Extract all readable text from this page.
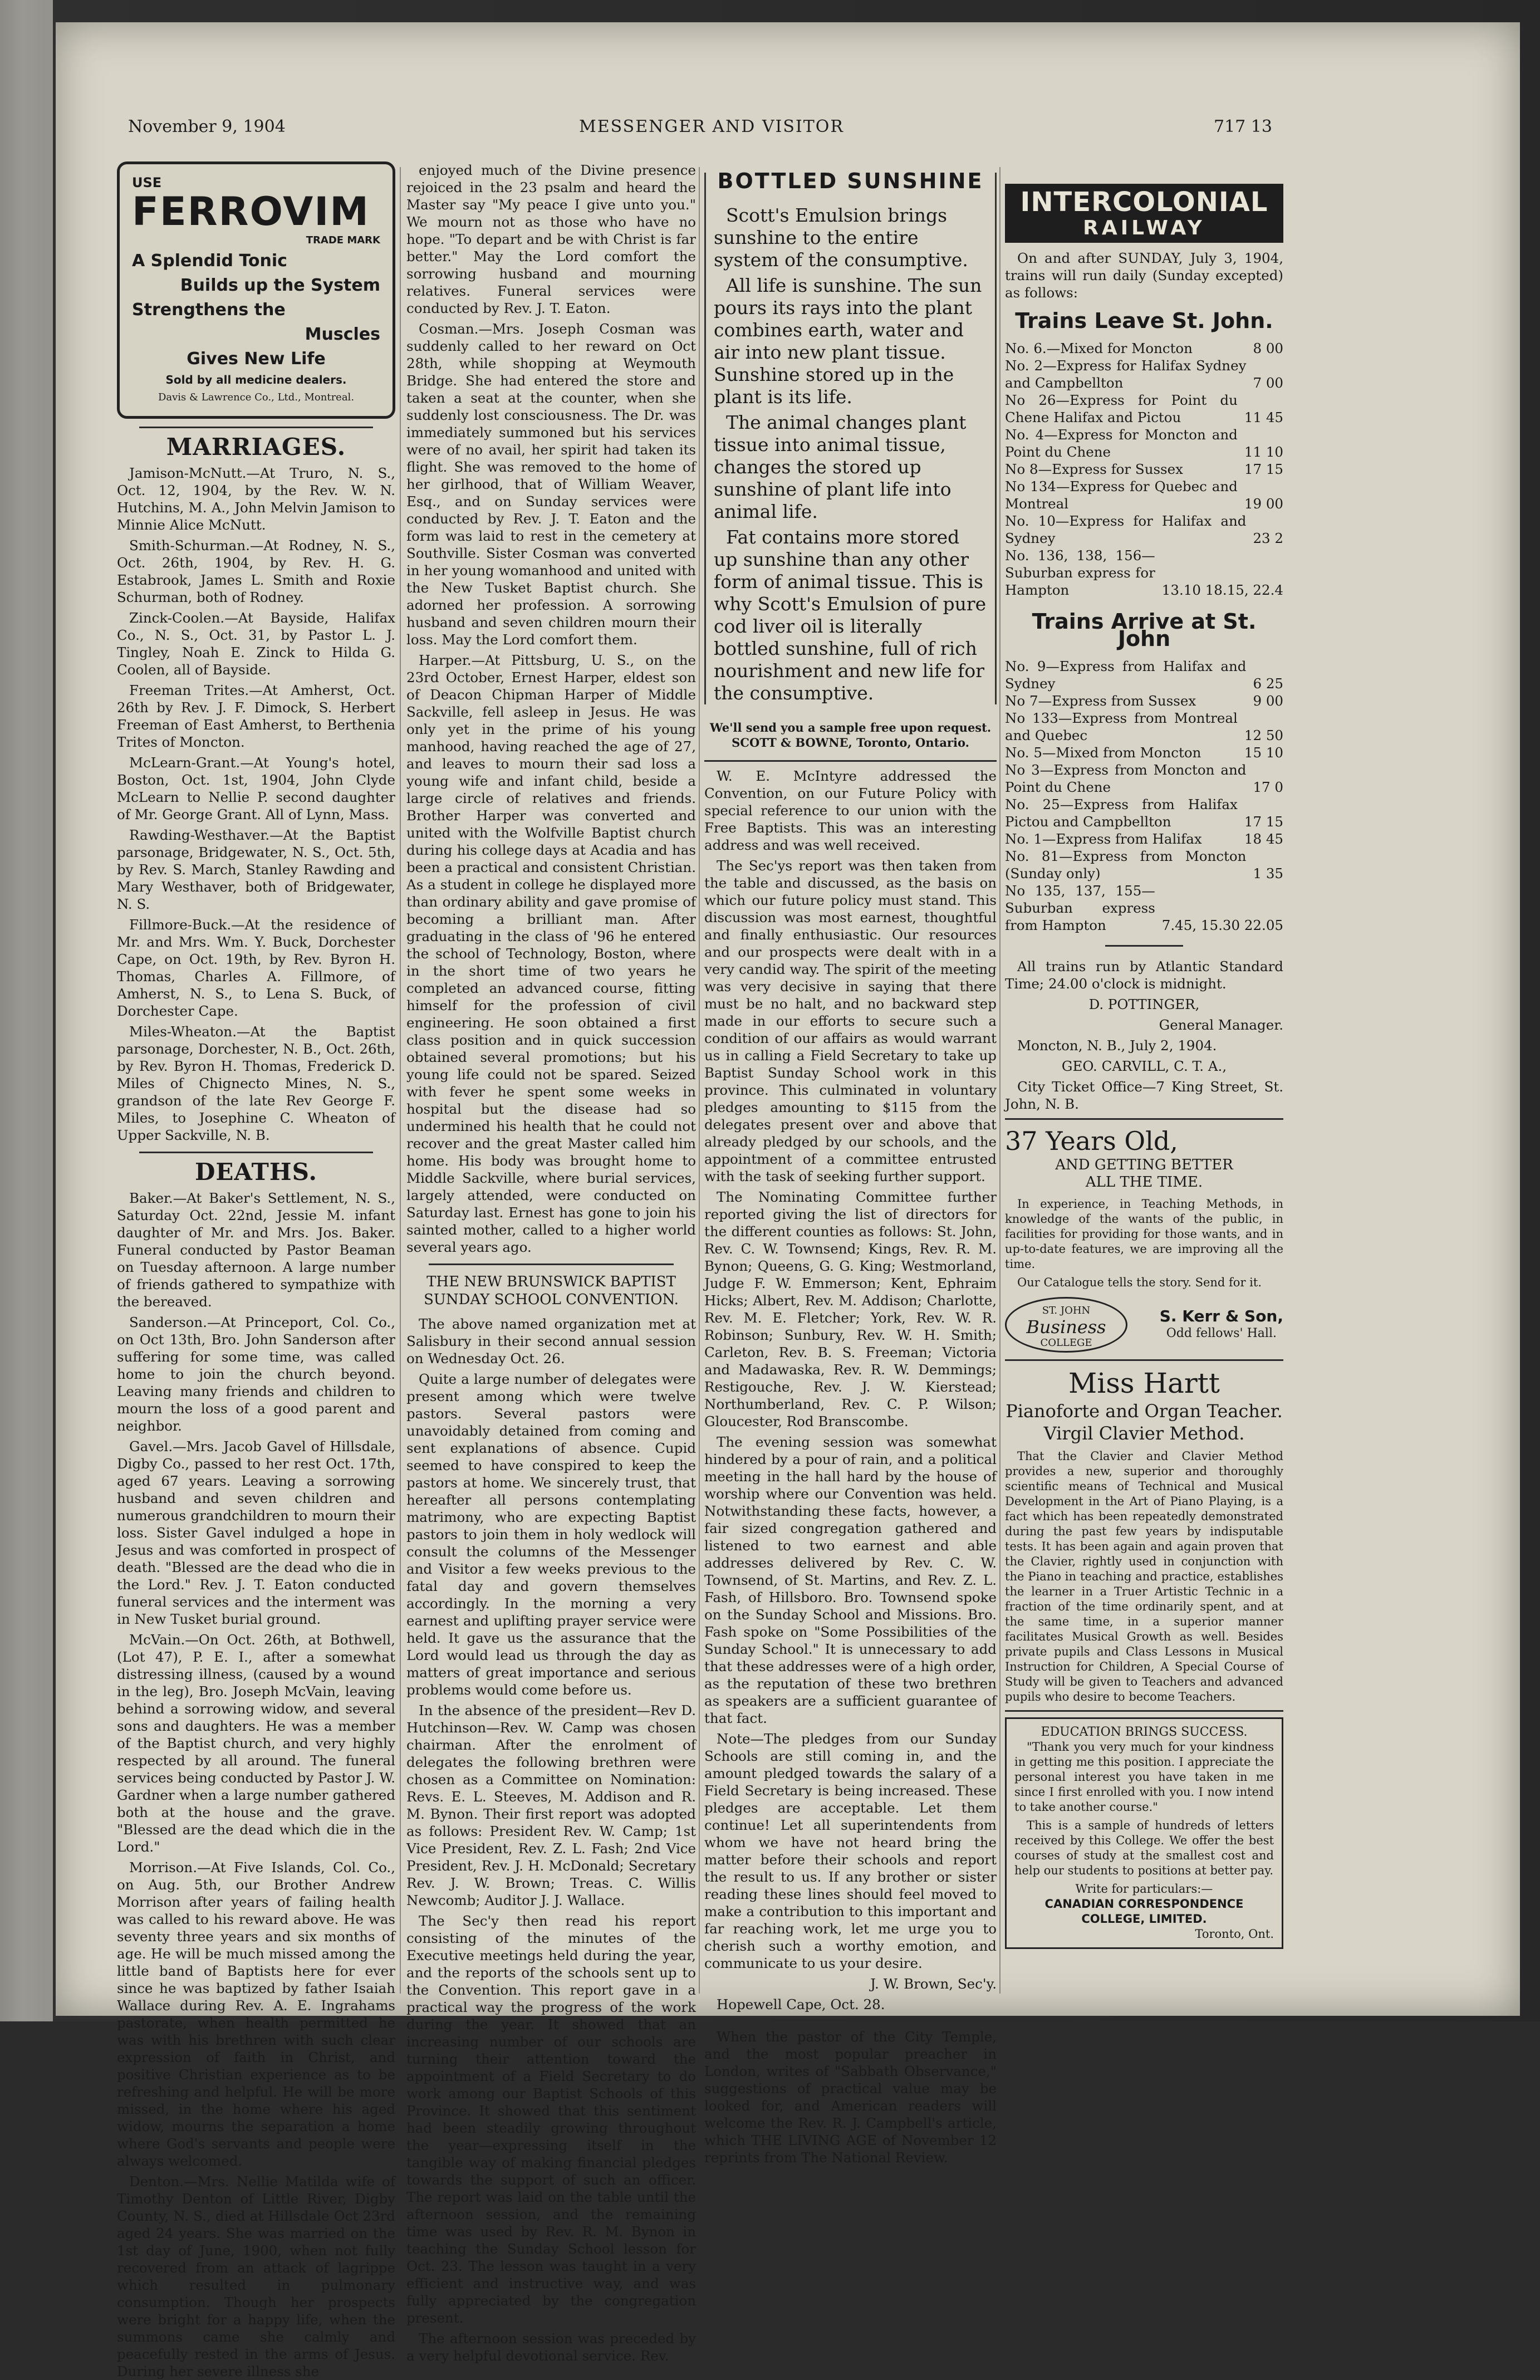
November 9, 1904	MESSENGER AND VISITOR	717 13
USE
FERROVIM
TRADE MARK
A Splendid Tonic
Builds up the System
Strengthens the
Muscles
Gives New Life
Sold by all medicine dealers.
Davis & Lawrence Co., Ltd., Montreal.
MARRIAGES.

Jamison-McNutt.—At Truro, N. S., Oct. 12, 1904, by the Rev. W. N. Hutchins, M. A., John Melvin Jamison to Minnie Alice McNutt.

Smith-Schurman.—At Rodney, N. S., Oct. 26th, 1904, by Rev. H. G. Estabrook, James L. Smith and Roxie Schurman, both of Rodney.

Zinck-Coolen.—At Bayside, Halifax Co., N. S., Oct. 31, by Pastor L. J. Tingley, Noah E. Zinck to Hilda G. Coolen, all of Bayside.

Freeman Trites.—At Amherst, Oct. 26th by Rev. J. F. Dimock, S. Herbert Freeman of East Amherst, to Berthenia Trites of Moncton.

McLearn-Grant.—At Young's hotel, Boston, Oct. 1st, 1904, John Clyde McLearn to Nellie P. second daughter of Mr. George Grant. All of Lynn, Mass.

Rawding-Westhaver.—At the Baptist parsonage, Bridgewater, N. S., Oct. 5th, by Rev. S. March, Stanley Rawding and Mary Westhaver, both of Bridgewater, N. S.

Fillmore-Buck.—At the residence of Mr. and Mrs. Wm. Y. Buck, Dorchester Cape, on Oct. 19th, by Rev. Byron H. Thomas, Charles A. Fillmore, of Amherst, N. S., to Lena S. Buck, of Dorchester Cape.

Miles-Wheaton.—At the Baptist parsonage, Dorchester, N. B., Oct. 26th, by Rev. Byron H. Thomas, Frederick D. Miles of Chignecto Mines, N. S., grandson of the late Rev George F. Miles, to Josephine C. Wheaton of Upper Sackville, N. B.

DEATHS.

Baker.—At Baker's Settlement, N. S., Saturday Oct. 22nd, Jessie M. infant daughter of Mr. and Mrs. Jos. Baker. Funeral conducted by Pastor Beaman on Tuesday afternoon. A large number of friends gathered to sympathize with the bereaved.

Sanderson.—At Princeport, Col. Co., on Oct 13th, Bro. John Sanderson after suffering for some time, was called home to join the church beyond. Leaving many friends and children to mourn the loss of a good parent and neighbor.

Gavel.—Mrs. Jacob Gavel of Hillsdale, Digby Co., passed to her rest Oct. 17th, aged 67 years. Leaving a sorrowing husband and seven children and numerous grandchildren to mourn their loss. Sister Gavel indulged a hope in Jesus and was comforted in prospect of death. "Blessed are the dead who die in the Lord." Rev. J. T. Eaton conducted funeral services and the interment was in New Tusket burial ground.

McVain.—On Oct. 26th, at Bothwell, (Lot 47), P. E. I., after a somewhat distressing illness, (caused by a wound in the leg), Bro. Joseph McVain, leaving behind a sorrowing widow, and several sons and daughters. He was a member of the Baptist church, and very highly respected by all around. The funeral services being conducted by Pastor J. W. Gardner when a large number gathered both at the house and the grave. "Blessed are the dead which die in the Lord."

Morrison.—At Five Islands, Col. Co., on Aug. 5th, our Brother Andrew Morrison after years of failing health was called to his reward above. He was seventy three years and six months of age. He will be much missed among the little band of Baptists here for ever since he was baptized by father Isaiah Wallace during Rev. A. E. Ingrahams pastorate, when health permitted he was with his brethren with such clear expression of faith in Christ, and positive Christian experience as to be refreshing and helpful. He will be more missed, in the home where his aged widow, mourns the separation a home where God's servants and people were always welcomed.

Denton.—Mrs. Nellie Matilda wife of Timothy Denton of Little River, Digby County, N. S., died at Hillsdale Oct 23rd aged 24 years. She was married on the 1st day of June, 1900, when not fully recovered from an attack of lagrippe which resulted in pulmonary consumption. Though her prospects were bright for a happy life, when the summons came she calmly and peacefully rested in the arms of Jesus. During her severe illness she

enjoyed much of the Divine presence rejoiced in the 23 psalm and heard the Master say "My peace I give unto you." We mourn not as those who have no hope. "To depart and be with Christ is far better." May the Lord comfort the sorrowing husband and mourning relatives. Funeral services were conducted by Rev. J. T. Eaton.

Cosman.—Mrs. Joseph Cosman was suddenly called to her reward on Oct 28th, while shopping at Weymouth Bridge. She had entered the store and taken a seat at the counter, when she suddenly lost consciousness. The Dr. was immediately summoned but his services were of no avail, her spirit had taken its flight. She was removed to the home of her girlhood, that of William Weaver, Esq., and on Sunday services were conducted by Rev. J. T. Eaton and the form was laid to rest in the cemetery at Southville. Sister Cosman was converted in her young womanhood and united with the New Tusket Baptist church. She adorned her profession. A sorrowing husband and seven children mourn their loss. May the Lord comfort them.

Harper.—At Pittsburg, U. S., on the 23rd October, Ernest Harper, eldest son of Deacon Chipman Harper of Middle Sackville, fell asleep in Jesus. He was only yet in the prime of his young manhood, having reached the age of 27, and leaves to mourn their sad loss a young wife and infant child, beside a large circle of relatives and friends. Brother Harper was converted and united with the Wolfville Baptist church during his college days at Acadia and has been a practical and consistent Christian. As a student in college he displayed more than ordinary ability and gave promise of becoming a brilliant man. After graduating in the class of '96 he entered the school of Technology, Boston, where in the short time of two years he completed an advanced course, fitting himself for the profession of civil engineering. He soon obtained a first class position and in quick succession obtained several promotions; but his young life could not be spared. Seized with fever he spent some weeks in hospital but the disease had so undermined his health that he could not recover and the great Master called him home. His body was brought home to Middle Sackville, where burial services, largely attended, were conducted on Saturday last. Ernest has gone to join his sainted mother, called to a higher world several years ago.

THE NEW BRUNSWICK BAPTIST SUNDAY SCHOOL CONVENTION.

The above named organization met at Salisbury in their second annual session on Wednesday Oct. 26.

Quite a large number of delegates were present among which were twelve pastors. Several pastors were unavoidably detained from coming and sent explanations of absence. Cupid seemed to have conspired to keep the pastors at home. We sincerely trust, that hereafter all persons contemplating matrimony, who are expecting Baptist pastors to join them in holy wedlock will consult the columns of the Messenger and Visitor a few weeks previous to the fatal day and govern themselves accordingly. In the morning a very earnest and uplifting prayer service were held. It gave us the assurance that the Lord would lead us through the day as matters of great importance and serious problems would come before us.

In the absence of the president—Rev D. Hutchinson—Rev. W. Camp was chosen chairman. After the enrolment of delegates the following brethren were chosen as a Committee on Nomination: Revs. E. L. Steeves, M. Addison and R. M. Bynon. Their first report was adopted as follows: President Rev. W. Camp; 1st Vice President, Rev. Z. L. Fash; 2nd Vice President, Rev. J. H. McDonald; Secretary Rev. J. W. Brown; Treas. C. Willis Newcomb; Auditor J. J. Wallace.

The Sec'y then read his report consisting of the minutes of the Executive meetings held during the year, and the reports of the schools sent up to the Convention. This report gave in a practical way the progress of the work during the year. It showed that an increasing number of our schools are turning their attention toward the appointment of a Field Secretary to do work among our Baptist Schools of this Province. It showed that this sentiment had been steadily growing throughout the year—expressing itself in the tangible way of making financial pledges towards the support of such an officer. The report was laid on the table until the afternoon session, and the remaining time was used by Rev. R. M. Bynon in teaching the Sunday School lesson for Oct. 23. The lesson was taught in a very efficient and instructive way, and was fully appreciated by the congregation present.

The afternoon session was preceded by a very helpful devotional service. Rev.

BOTTLED SUNSHINE

Scott's Emulsion brings sunshine to the entire system of the consumptive.

All life is sunshine. The sun pours its rays into the plant combines earth, water and air into new plant tissue. Sunshine stored up in the plant is its life.

The animal changes plant tissue into animal tissue, changes the stored up sunshine of plant life into animal life.

Fat contains more stored up sunshine than any other form of animal tissue. This is why Scott's Emulsion of pure cod liver oil is literally bottled sunshine, full of rich nourishment and new life for the consumptive.

We'll send you a sample free upon request.
SCOTT & BOWNE, Toronto, Ontario.

W. E. McIntyre addressed the Convention, on our Future Policy with special reference to our union with the Free Baptists. This was an interesting address and was well received.

The Sec'ys report was then taken from the table and discussed, as the basis on which our future policy must stand. This discussion was most earnest, thoughtful and finally enthusiastic. Our resources and our prospects were dealt with in a very candid way. The spirit of the meeting was very decisive in saying that there must be no halt, and no backward step made in our efforts to secure such a condition of our affairs as would warrant us in calling a Field Secretary to take up Baptist Sunday School work in this province. This culminated in voluntary pledges amounting to $115 from the delegates present over and above that already pledged by our schools, and the appointment of a committee entrusted with the task of seeking further support.

The Nominating Committee further reported giving the list of directors for the different counties as follows: St. John, Rev. C. W. Townsend; Kings, Rev. R. M. Bynon; Queens, G. G. King; Westmorland, Judge F. W. Emmerson; Kent, Ephraim Hicks; Albert, Rev. M. Addison; Charlotte, Rev. M. E. Fletcher; York, Rev. W. R. Robinson; Sunbury, Rev. W. H. Smith; Carleton, Rev. B. S. Freeman; Victoria and Madawaska, Rev. R. W. Demmings; Restigouche, Rev. J. W. Kierstead; Northumberland, Rev. C. P. Wilson; Gloucester, Rod Branscombe.

The evening session was somewhat hindered by a pour of rain, and a political meeting in the hall hard by the house of worship where our Convention was held. Notwithstanding these facts, however, a fair sized congregation gathered and listened to two earnest and able addresses delivered by Rev. C. W. Townsend, of St. Martins, and Rev. Z. L. Fash, of Hillsboro. Bro. Townsend spoke on the Sunday School and Missions. Bro. Fash spoke on "Some Possibilities of the Sunday School." It is unnecessary to add that these addresses were of a high order, as the reputation of these two brethren as speakers are a sufficient guarantee of that fact.

Note—The pledges from our Sunday Schools are still coming in, and the amount pledged towards the salary of a Field Secretary is being increased. These pledges are acceptable. Let them continue! Let all superintendents from whom we have not heard bring the matter before their schools and report the result to us. If any brother or sister reading these lines should feel moved to make a contribution to this important and far reaching work, let me urge you to cherish such a worthy emotion, and communicate to us your desire.

J. W. Brown, Sec'y.

Hopewell Cape, Oct. 28.

When the pastor of the City Temple, and the most popular preacher in London, writes of "Sabbath Observance," suggestions of practical value may be looked for, and American readers will welcome the Rev. R. J. Campbell's article, which THE LIVING AGE of November 12 reprints from The National Review.

INTERCOLONIAL
RAILWAY

On and after SUNDAY, July 3, 1904, trains will run daily (Sunday excepted) as follows:

Trains Leave St. John.
No. 6.—Mixed for Moncton	8 00
No. 2—Express for Halifax Sydney and Campbellton	7 00
No 26—Express for Point du Chene Halifax and Pictou	11 45
No. 4—Express for Moncton and Point du Chene	11 10
No 8—Express for Sussex	17 15
No 134—Express for Quebec and Montreal	19 00
No. 10—Express for Halifax and Sydney	23 2
No. 136, 138, 156—Suburban express for Hampton	13.10 18.15, 22.4
Trains Arrive at St. John
No. 9—Express from Halifax and Sydney	6 25
No 7—Express from Sussex	9 00
No 133—Express from Montreal and Quebec	12 50
No. 5—Mixed from Moncton	15 10
No 3—Express from Moncton and Point du Chene	17 0
No. 25—Express from Halifax Pictou and Campbellton	17 15
No. 1—Express from Halifax	18 45
No. 81—Express from Moncton (Sunday only)	1 35
No 135, 137, 155—Suburban express from Hampton	7.45, 15.30 22.05

All trains run by Atlantic Standard Time; 24.00 o'clock is midnight.

D. POTTINGER,

General Manager.

Moncton, N. B., July 2, 1904.

GEO. CARVILL, C. T. A.,

City Ticket Office—7 King Street, St. John, N. B.

37 Years Old,
AND GETTING BETTER
ALL THE TIME.

In experience, in Teaching Methods, in knowledge of the wants of the public, in facilities for providing for those wants, and in up-to-date features, we are improving all the time.

Our Catalogue tells the story. Send for it.

ST. JOHN
Business
COLLEGE
S. Kerr & Son,
Odd fellows' Hall.
Miss Hartt
Pianoforte and Organ Teacher.
Virgil Clavier Method.

That the Clavier and Clavier Method provides a new, superior and thoroughly scientific means of Technical and Musical Development in the Art of Piano Playing, is a fact which has been repeatedly demonstrated during the past few years by indisputable tests. It has been again and again proven that the Clavier, rightly used in conjunction with the Piano in teaching and practice, establishes the learner in a Truer Artistic Technic in a fraction of the time ordinarily spent, and at the same time, in a superior manner facilitates Musical Growth as well. Besides private pupils and Class Lessons in Musical Instruction for Children, A Special Course of Study will be given to Teachers and advanced pupils who desire to become Teachers.

EDUCATION BRINGS SUCCESS.

"Thank you very much for your kindness in getting me this position. I appreciate the personal interest you have taken in me since I first enrolled with you. I now intend to take another course."

This is a sample of hundreds of letters received by this College. We offer the best courses of study at the smallest cost and help our students to positions at better pay.

Write for particulars:—
CANADIAN CORRESPONDENCE
COLLEGE, LIMITED.
Toronto, Ont.
